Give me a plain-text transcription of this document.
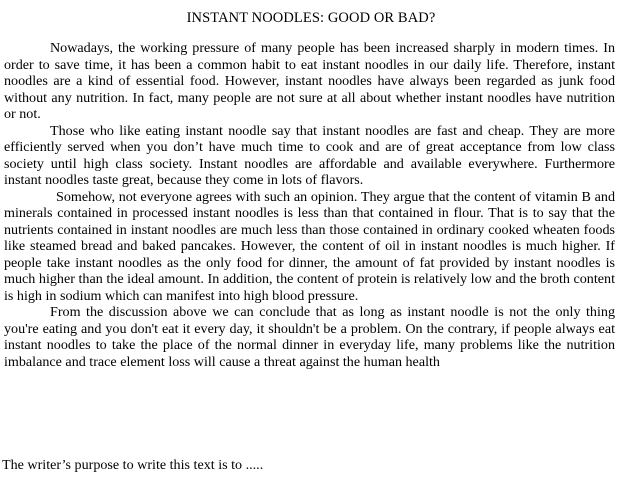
INSTANT NOODLES: GOOD OR BAD?

Nowadays, the working pressure of many people has been increased sharply in modern times. In order to save time, it has been a common habit to eat instant noodles in our daily life. Therefore, instant noodles are a kind of essential food. However, instant noodles have always been regarded as junk food without any nutrition. In fact, many people are not sure at all about whether instant noodles have nutrition or not.

Those who like eating instant noodle say that instant noodles are fast and cheap. They are more efficiently served when you don’t have much time to cook and are of great acceptance from low class society until high class society. Instant noodles are affordable and available everywhere. Furthermore instant noodles taste great, because they come in lots of flavors.

Somehow, not everyone agrees with such an opinion. They argue that the content of vitamin B and minerals contained in processed instant noodles is less than that contained in flour. That is to say that the nutrients contained in instant noodles are much less than those contained in ordinary cooked wheaten foods like steamed bread and baked pancakes. However, the content of oil in instant noodles is much higher. If people take instant noodles as the only food for dinner, the amount of fat provided by instant noodles is much higher than the ideal amount. In addition, the content of protein is relatively low and the broth content is high in sodium which can manifest into high blood pressure.

From the discussion above we can conclude that as long as instant noodle is not the only thing you're eating and you don't eat it every day, it shouldn't be a problem. On the contrary, if people always eat instant noodles to take the place of the normal dinner in everyday life, many problems like the nutrition imbalance and trace element loss will cause a threat against the human health

The writer’s purpose to write this text is to .....
